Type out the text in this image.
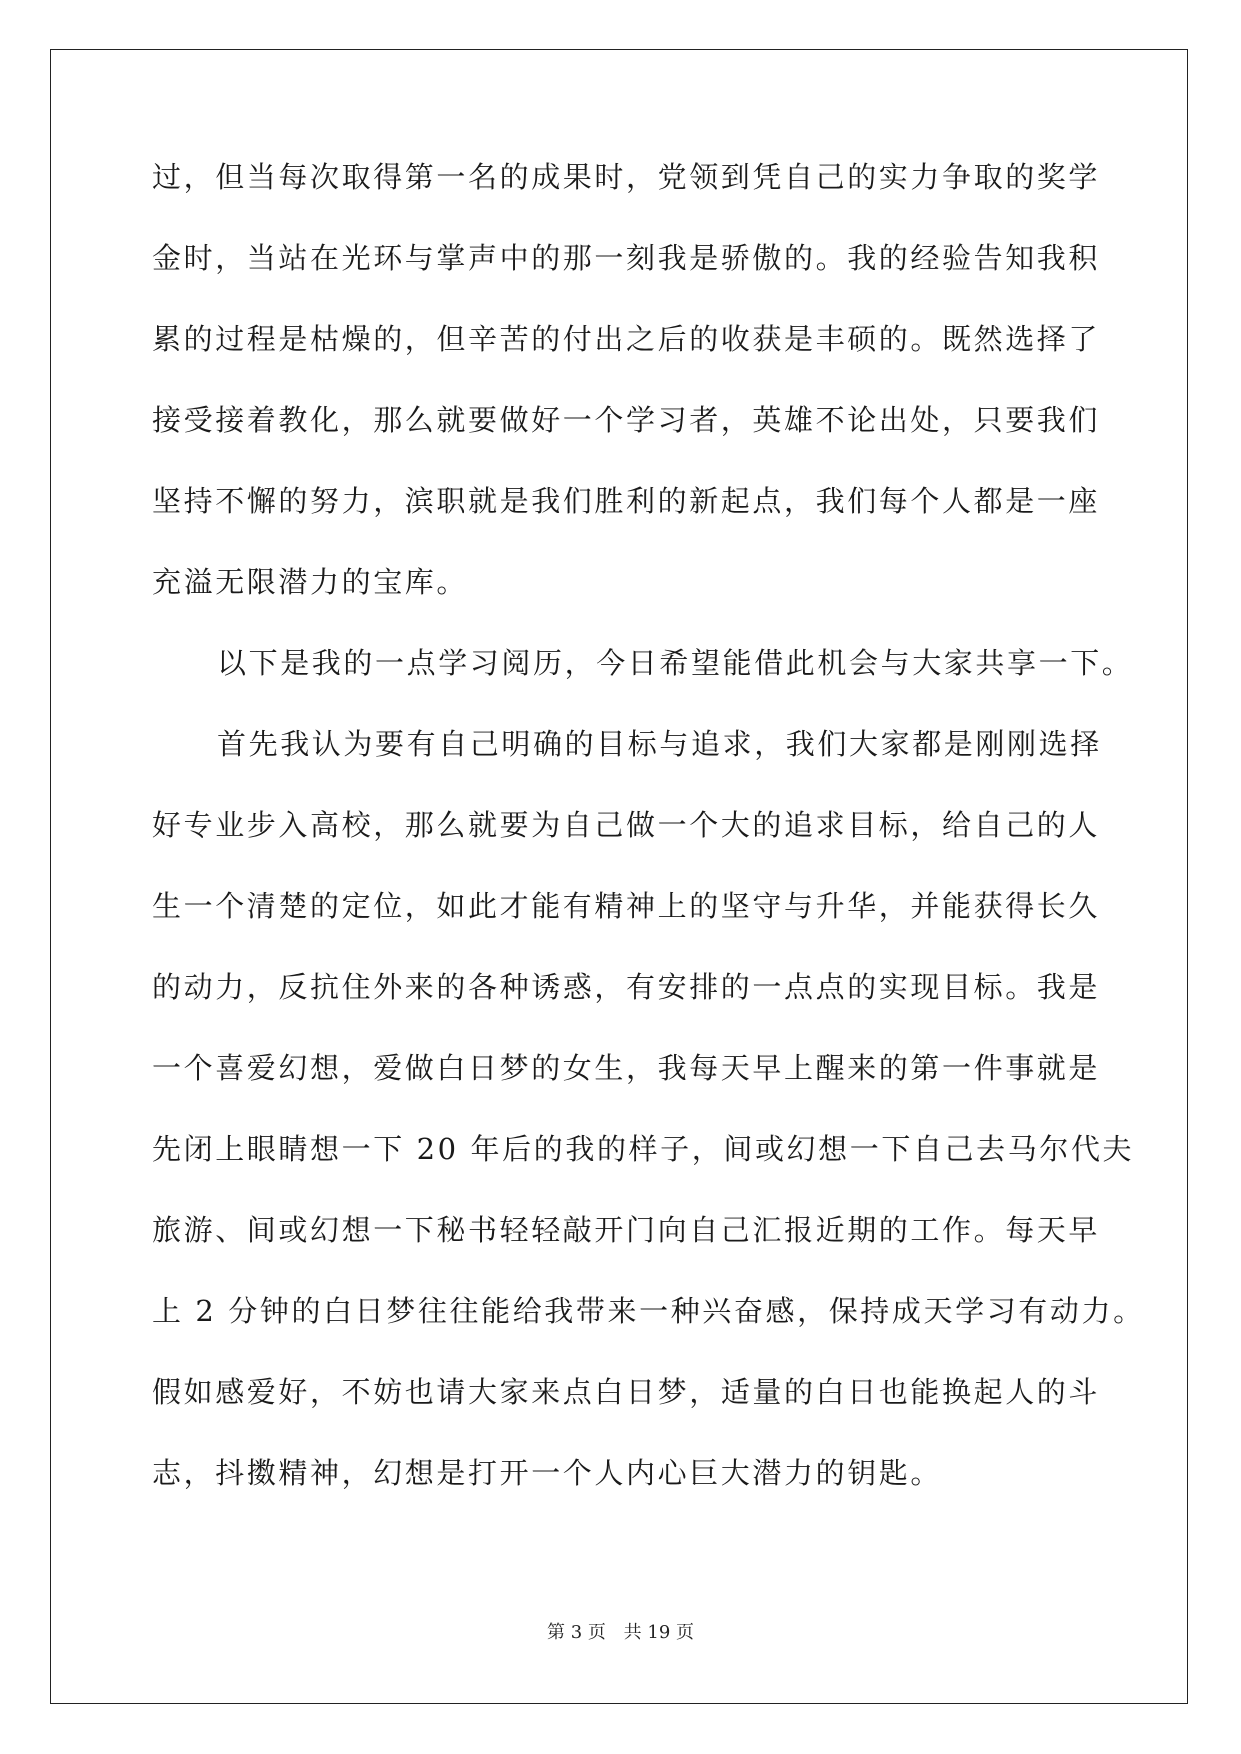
过，但当每次取得第一名的成果时，党领到凭自己的实力争取的奖学
金时，当站在光环与掌声中的那一刻我是骄傲的。我的经验告知我积
累的过程是枯燥的，但辛苦的付出之后的收获是丰硕的。既然选择了
接受接着教化，那么就要做好一个学习者，英雄不论出处，只要我们
坚持不懈的努力，滨职就是我们胜利的新起点，我们每个人都是一座
充溢无限潜力的宝库。
以下是我的一点学习阅历，今日希望能借此机会与大家共享一下。
首先我认为要有自己明确的目标与追求，我们大家都是刚刚选择
好专业步入高校，那么就要为自己做一个大的追求目标，给自己的人
生一个清楚的定位，如此才能有精神上的坚守与升华，并能获得长久
的动力，反抗住外来的各种诱惑，有安排的一点点的实现目标。我是
一个喜爱幻想，爱做白日梦的女生，我每天早上醒来的第一件事就是
先闭上眼睛想一下 20 年后的我的样子，间或幻想一下自己去马尔代夫
旅游、间或幻想一下秘书轻轻敲开门向自己汇报近期的工作。每天早
上 2 分钟的白日梦往往能给我带来一种兴奋感，保持成天学习有动力。
假如感爱好，不妨也请大家来点白日梦，适量的白日也能换起人的斗
志，抖擞精神，幻想是打开一个人内心巨大潜力的钥匙。
第 3 页 共 19 页
